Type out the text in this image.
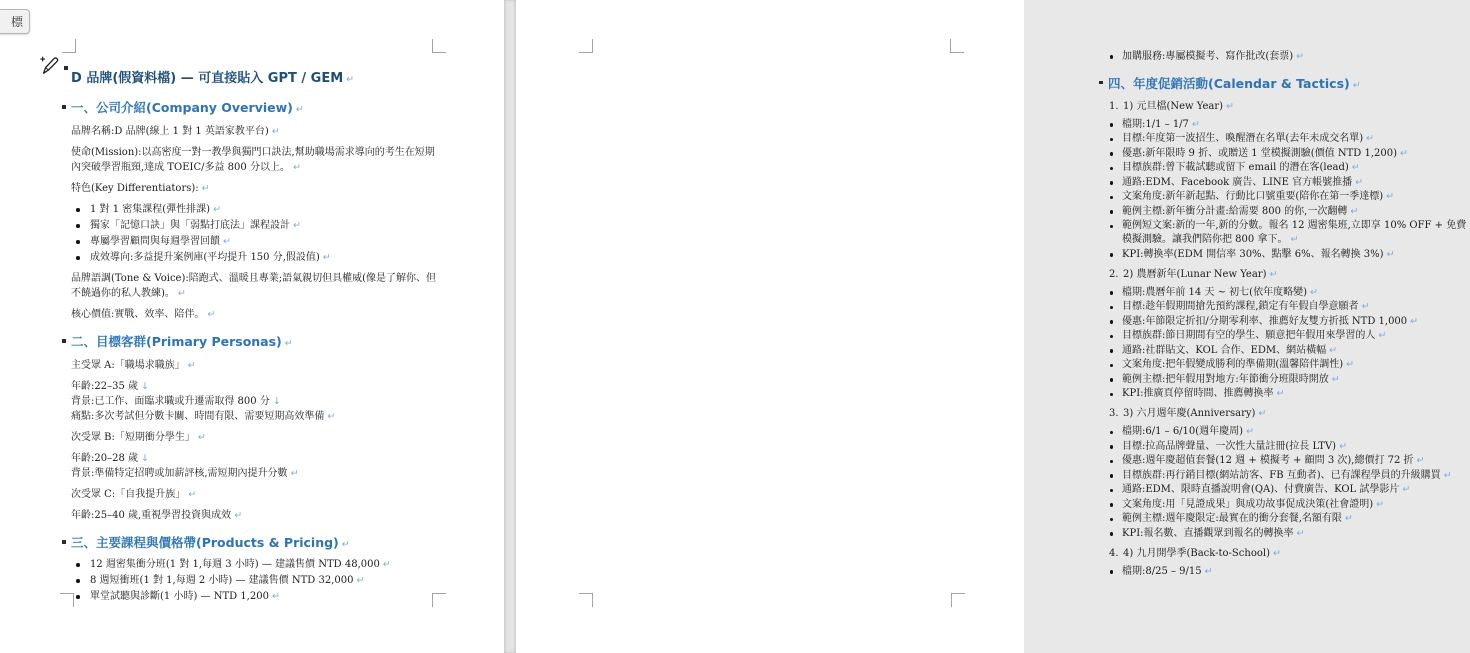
D 品牌(假資料檔) — 可直接貼入 GPT / GEM ↵
一、公司介紹(Company Overview) ↵
品牌名稱:D 品牌(線上 1 對 1 英語家教平台) ↵
使命(Mission):以高密度一對一教學與獨門口訣法,幫助職場需求導向的考生在短期內突破學習瓶頸,達成 TOEIC/多益 800 分以上。 ↵
特色(Key Differentiators): ↵
1 對 1 密集課程(彈性排課) ↵
獨家「記憶口訣」與「弱點打底法」課程設計 ↵
專屬學習顧問與每週學習回饋 ↵
成效導向:多益提升案例庫(平均提升 150 分,假設值) ↵
品牌語調(Tone & Voice):陪跑式、溫暖且專業;語氣親切但具權威(像是了解你、但不饒過你的私人教練)。 ↵
核心價值:實戰、效率、陪伴。 ↵
二、目標客群(Primary Personas) ↵
主受眾 A:「職場求職族」 ↵
年齡:22–35 歲 ↓
背景:已工作、面臨求職或升遷需取得 800 分 ↓
痛點:多次考試但分數卡關、時間有限、需要短期高效準備 ↵
次受眾 B:「短期衝分學生」 ↵
年齡:20–28 歲 ↓
背景:準備特定招聘或加薪評核,需短期內提升分數 ↵
次受眾 C:「自我提升族」 ↵
年齡:25–40 歲,重視學習投資與成效 ↵
三、主要課程與價格帶(Products & Pricing) ↵
12 週密集衝分班(1 對 1,每週 3 小時) — 建議售價 NTD 48,000 ↵
8 週短衝班(1 對 1,每週 2 小時) — 建議售價 NTD 32,000 ↵
單堂試聽與診斷(1 小時) — NTD 1,200 ↵
加購服務:專屬模擬考、寫作批改(套票) ↵
四、年度促銷活動(Calendar & Tactics) ↵
1. 1) 元旦檔(New Year) ↵
檔期:1/1 – 1/7 ↵
目標:年度第一波招生、喚醒潛在名單(去年未成交名單) ↵
優惠:新年限時 9 折、或贈送 1 堂模擬測驗(價值 NTD 1,200) ↵
目標族群:曾下載試聽或留下 email 的潛在客(lead) ↵
通路:EDM、Facebook 廣告、LINE 官方帳號推播 ↵
文案角度:新年新起點、行動比口號重要(陪你在第一季達標) ↵
範例主標:新年衝分計畫:給需要 800 的你,一次翻轉 ↵
範例短文案:新的一年,新的分數。報名 12 週密集班,立即享 10% OFF + 免費模擬測驗。讓我們陪你把 800 拿下。 ↵
KPI:轉換率(EDM 開信率 30%、點擊 6%、報名轉換 3%) ↵
2. 2) 農曆新年(Lunar New Year) ↵
檔期:農曆年前 14 天 ~ 初七(依年度略變) ↵
目標:趁年假期間搶先預約課程,鎖定有年假自學意願者 ↵
優惠:年節限定折扣/分期零利率、推薦好友雙方折抵 NTD 1,000 ↵
目標族群:節日期間有空的學生、願意把年假用來學習的人 ↵
通路:社群貼文、KOL 合作、EDM、網站橫幅 ↵
文案角度:把年假變成勝利的準備期(溫馨陪伴調性) ↵
範例主標:把年假用對地方:年節衝分班限時開放 ↵
KPI:推廣頁停留時間、推薦轉換率 ↵
3. 3) 六月週年慶(Anniversary) ↵
檔期:6/1 – 6/10(週年慶周) ↵
目標:拉高品牌聲量、一次性大量註冊(拉長 LTV) ↵
優惠:週年慶超值套餐(12 週 + 模擬考 + 顧問 3 次),總價打 72 折 ↵
目標族群:再行銷目標(網站訪客、FB 互動者)、已有課程學員的升級購買 ↵
通路:EDM、限時直播說明會(QA)、付費廣告、KOL 試學影片 ↵
文案角度:用「見證成果」與成功故事促成決策(社會證明) ↵
範例主標:週年慶限定:最實在的衝分套餐,名額有限 ↵
KPI:報名數、直播觀眾到報名的轉換率 ↵
4. 4) 九月開學季(Back-to-School) ↵
檔期:8/25 – 9/15 ↵
標
